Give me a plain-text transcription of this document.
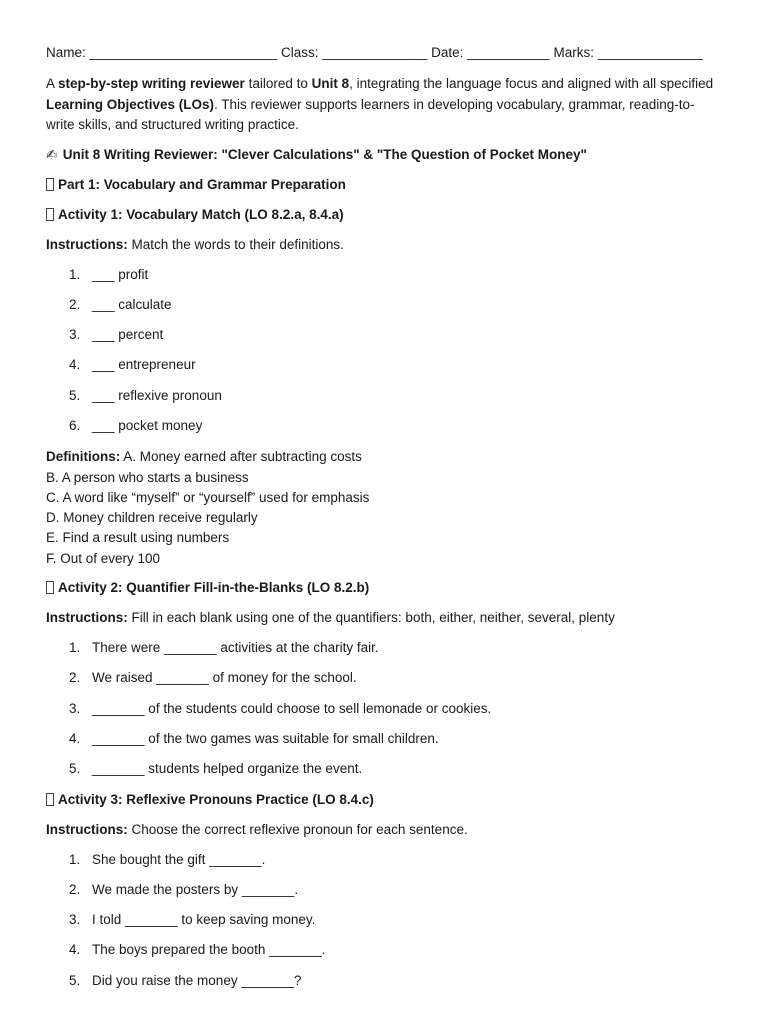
Name: _________________________ Class: ______________ Date: ___________ Marks: ______________
A step-by-step writing reviewer tailored to Unit 8, integrating the language focus and aligned with all specified Learning Objectives (LOs). This reviewer supports learners in developing vocabulary, grammar, reading-to-write skills, and structured writing practice.
✍ Unit 8 Writing Reviewer: "Clever Calculations" & "The Question of Pocket Money"
Part 1: Vocabulary and Grammar Preparation
Activity 1: Vocabulary Match (LO 8.2.a, 8.4.a)
Instructions: Match the words to their definitions.
1. ___ profit
2. ___ calculate
3. ___ percent
4. ___ entrepreneur
5. ___ reflexive pronoun
6. ___ pocket money
Definitions: A. Money earned after subtracting costs
B. A person who starts a business
C. A word like “myself” or “yourself” used for emphasis
D. Money children receive regularly
E. Find a result using numbers
F. Out of every 100
Activity 2: Quantifier Fill-in-the-Blanks (LO 8.2.b)
Instructions: Fill in each blank using one of the quantifiers: both, either, neither, several, plenty
1. There were _______ activities at the charity fair.
2. We raised _______ of money for the school.
3. _______ of the students could choose to sell lemonade or cookies.
4. _______ of the two games was suitable for small children.
5. _______ students helped organize the event.
Activity 3: Reflexive Pronouns Practice (LO 8.4.c)
Instructions: Choose the correct reflexive pronoun for each sentence.
1. She bought the gift _______.
2. We made the posters by _______.
3. I told _______ to keep saving money.
4. The boys prepared the booth _______.
5. Did you raise the money _______?
